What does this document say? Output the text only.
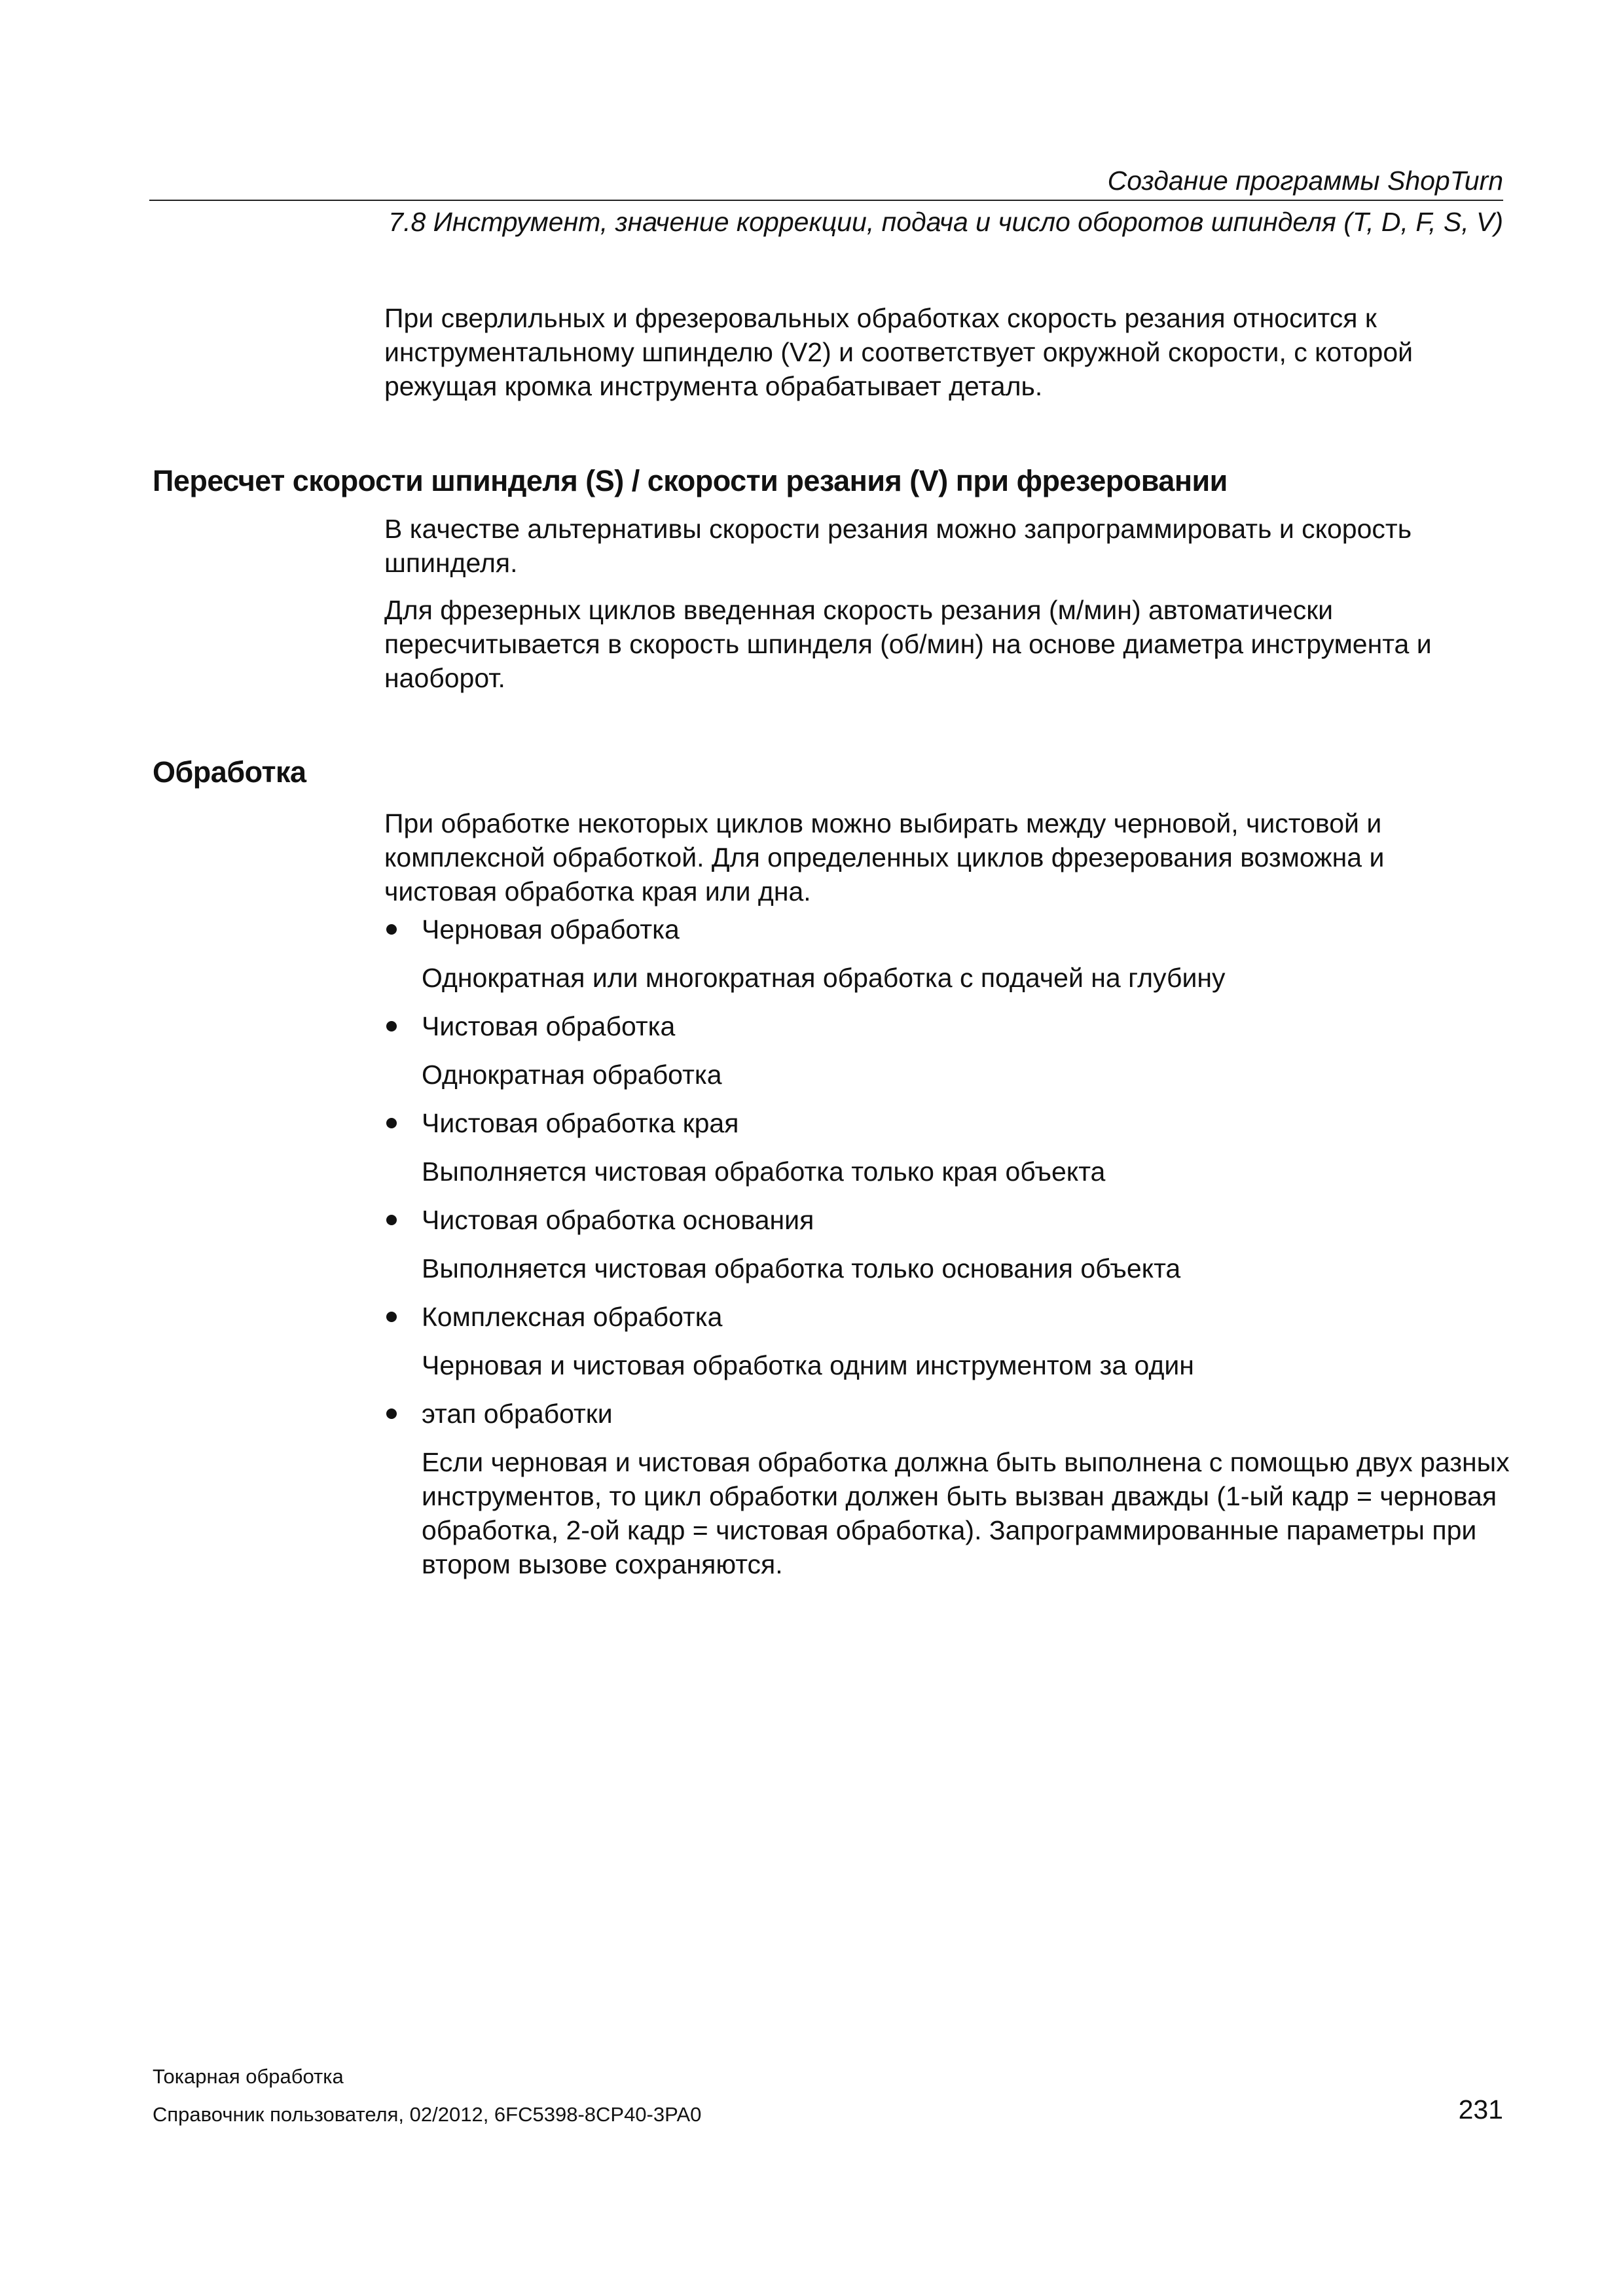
Создание программы ShopTurn
7.8 Инструмент, значение коррекции, подача и число оборотов шпинделя (T, D, F, S, V)

При сверлильных и фрезеровальных обработках скорость резания относится к инструментальному шпинделю (V2) и соответствует окружной скорости, с которой режущая кромка инструмента обрабатывает деталь.

Пересчет скорости шпинделя (S) / скорости резания (V) при фрезеровании

В качестве альтернативы скорости резания можно запрограммировать и скорость шпинделя.

Для фрезерных циклов введенная скорость резания (м/мин) автоматически пересчитывается в скорость шпинделя (об/мин) на основе диаметра инструмента и наоборот.

Обработка

При обработке некоторых циклов можно выбирать между черновой, чистовой и комплексной обработкой. Для определенных циклов фрезерования возможна и чистовая обработка края или дна.

Черновая обработка
Однократная или многократная обработка с подачей на глубину
Чистовая обработка
Однократная обработка
Чистовая обработка края
Выполняется чистовая обработка только края объекта
Чистовая обработка основания
Выполняется чистовая обработка только основания объекта
Комплексная обработка
Черновая и чистовая обработка одним инструментом за один
этап обработки
Если черновая и чистовая обработка должна быть выполнена с помощью двух разных инструментов, то цикл обработки должен быть вызван дважды (1-ый кадр = черновая обработка, 2-ой кадр = чистовая обработка). Запрограммированные параметры при втором вызове сохраняются.
Токарная обработка
Справочник пользователя, 02/2012, 6FC5398-8CP40-3PA0	231
